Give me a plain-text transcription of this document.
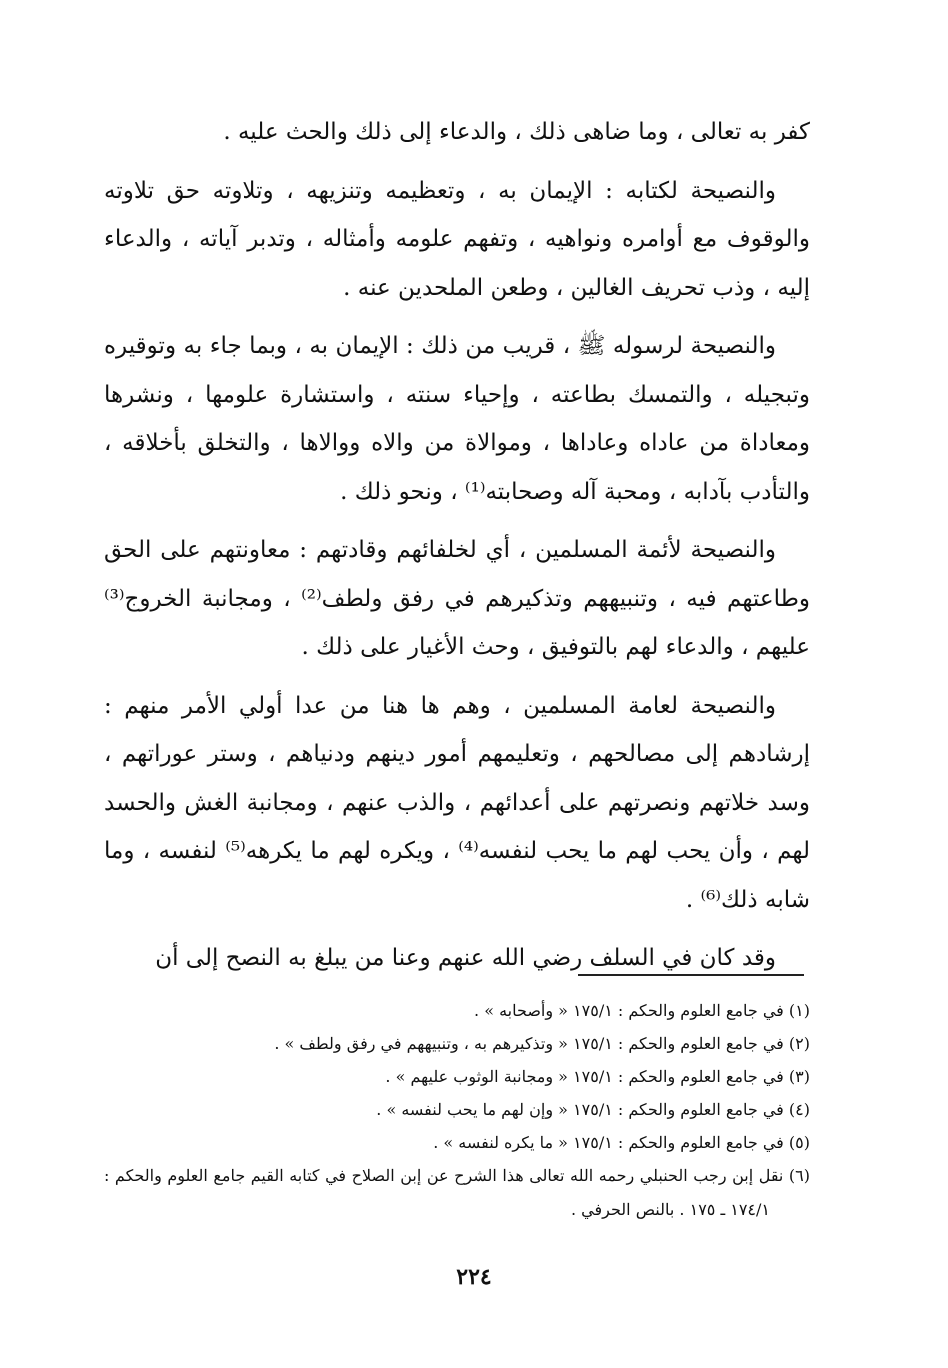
كفر به تعالى ، وما ضاهى ذلك ، والدعاء إلى ذلك والحث عليه .

والنصيحة لكتابه : الإيمان به ، وتعظيمه وتنزيهه ، وتلاوته حق تلاوته والوقوف مع أوامره ونواهيه ، وتفهم علومه وأمثاله ، وتدبر آياته ، والدعاء إليه ، وذب تحريف الغالين ، وطعن الملحدين عنه .

والنصيحة لرسوله ﷺ ، قريب من ذلك : الإيمان به ، وبما جاء به وتوقيره وتبجيله ، والتمسك بطاعته ، وإحياء سنته ، واستشارة علومها ، ونشرها ومعاداة من عاداه وعاداها ، وموالاة من والاه ووالاها ، والتخلق بأخلاقه ، والتأدب بآدابه ، ومحبة آله وصحابته⁽¹⁾ ، ونحو ذلك .

والنصيحة لأئمة المسلمين ، أي لخلفائهم وقادتهم : معاونتهم على الحق وطاعتهم فيه ، وتنبيههم وتذكيرهم في رفق ولطف⁽²⁾ ، ومجانبة الخروج⁽³⁾ عليهم ، والدعاء لهم بالتوفيق ، وحث الأغيار على ذلك .

والنصيحة لعامة المسلمين ، وهم ها هنا من عدا أولي الأمر منهم : إرشادهم إلى مصالحهم ، وتعليمهم أمور دينهم ودنياهم ، وستر عوراتهم ، وسد خلاتهم ونصرتهم على أعدائهم ، والذب عنهم ، ومجانبة الغش والحسد لهم ، وأن يحب لهم ما يحب لنفسه⁽⁴⁾ ، ويكره لهم ما يكرهه⁽⁵⁾ لنفسه ، وما شابه ذلك⁽⁶⁾ .

وقد كان في السلف رضي الله عنهم وعنا من يبلغ به النصح إلى أن

(١) في جامع العلوم والحكم : ١٧٥/١ « وأصحابه » .

(٢) في جامع العلوم والحكم : ١٧٥/١ « وتذكيرهم به ، وتنبيههم في رفق ولطف » .

(٣) في جامع العلوم والحكم : ١٧٥/١ « ومجانبة الوثوب عليهم » .

(٤) في جامع العلوم والحكم : ١٧٥/١ « وإن لهم ما يحب لنفسه » .

(٥) في جامع العلوم والحكم : ١٧٥/١ « ما يكره لنفسه » .

(٦) نقل إبن رجب الحنبلي رحمه الله تعالى هذا الشرح عن إبن الصلاح في كتابه القيم جامع العلوم والحكم : ١٧٤/١ ـ ١٧٥ . بالنص الحرفي .

٢٢٤
